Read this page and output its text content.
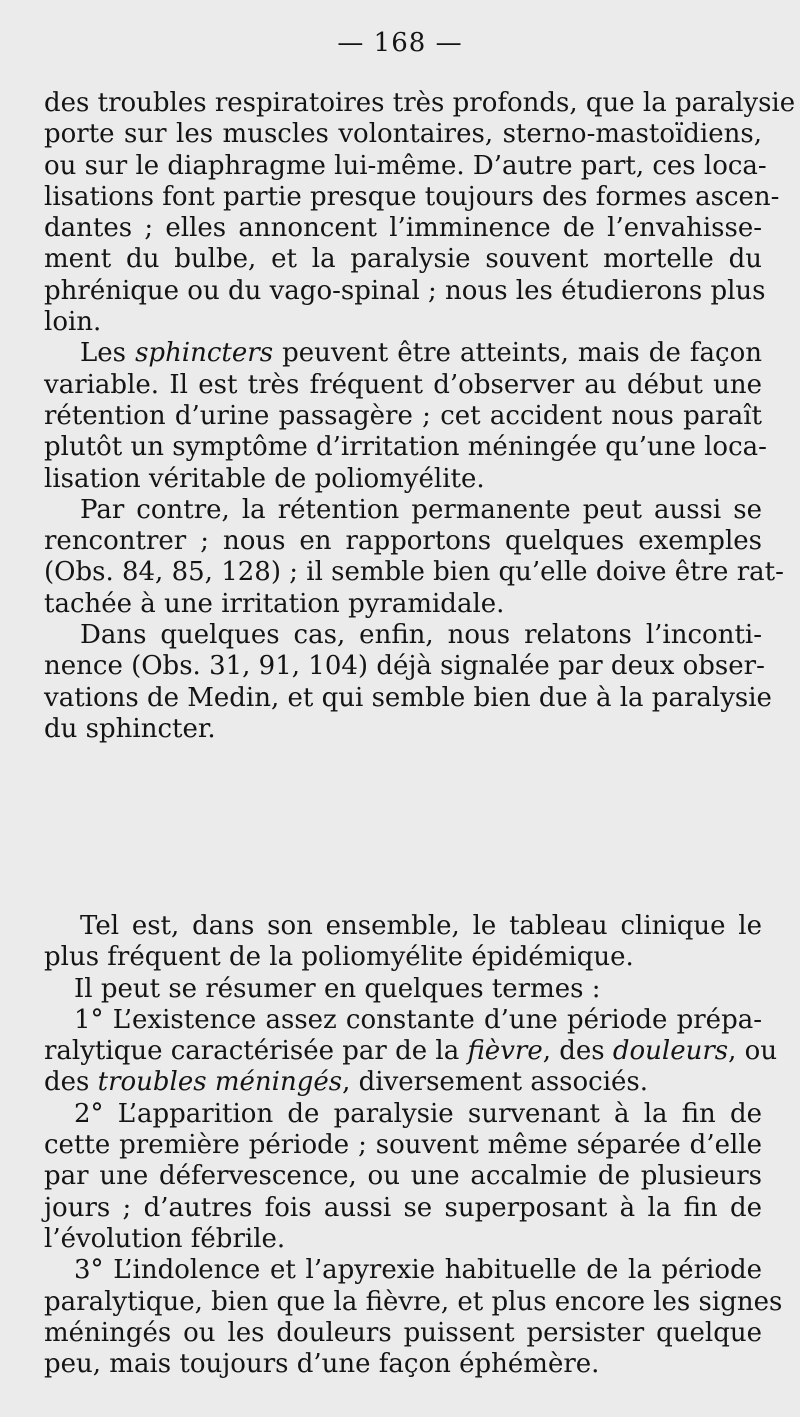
— 168 —
des troubles respiratoires très profonds, que la paralysie
porte sur les muscles volontaires, sterno-mastoïdiens,
ou sur le diaphragme lui-même. D’autre part, ces loca-
lisations font partie presque toujours des formes ascen-
dantes ; elles annoncent l’imminence de l’envahisse-
ment du bulbe, et la paralysie souvent mortelle du
phrénique ou du vago-spinal ; nous les étudierons plus
loin.
Les sphincters peuvent être atteints, mais de façon
variable. Il est très fréquent d’observer au début une
rétention d’urine passagère ; cet accident nous paraît
plutôt un symptôme d’irritation méningée qu’une loca-
lisation véritable de poliomyélite.
Par contre, la rétention permanente peut aussi se
rencontrer ; nous en rapportons quelques exemples
(Obs. 84, 85, 128) ; il semble bien qu’elle doive être rat-
tachée à une irritation pyramidale.
Dans quelques cas, enfin, nous relatons l’inconti-
nence (Obs. 31, 91, 104) déjà signalée par deux obser-
vations de Medin, et qui semble bien due à la paralysie
du sphincter.
Tel est, dans son ensemble, le tableau clinique le
plus fréquent de la poliomyélite épidémique.
Il peut se résumer en quelques termes :
1° L’existence assez constante d’une période prépa-
ralytique caractérisée par de la fièvre, des douleurs, ou
des troubles méningés, diversement associés.
2° L’apparition de paralysie survenant à la fin de
cette première période ; souvent même séparée d’elle
par une défervescence, ou une accalmie de plusieurs
jours ; d’autres fois aussi se superposant à la fin de
l’évolution fébrile.
3° L’indolence et l’apyrexie habituelle de la période
paralytique, bien que la fièvre, et plus encore les signes
méningés ou les douleurs puissent persister quelque
peu, mais toujours d’une façon éphémère.
